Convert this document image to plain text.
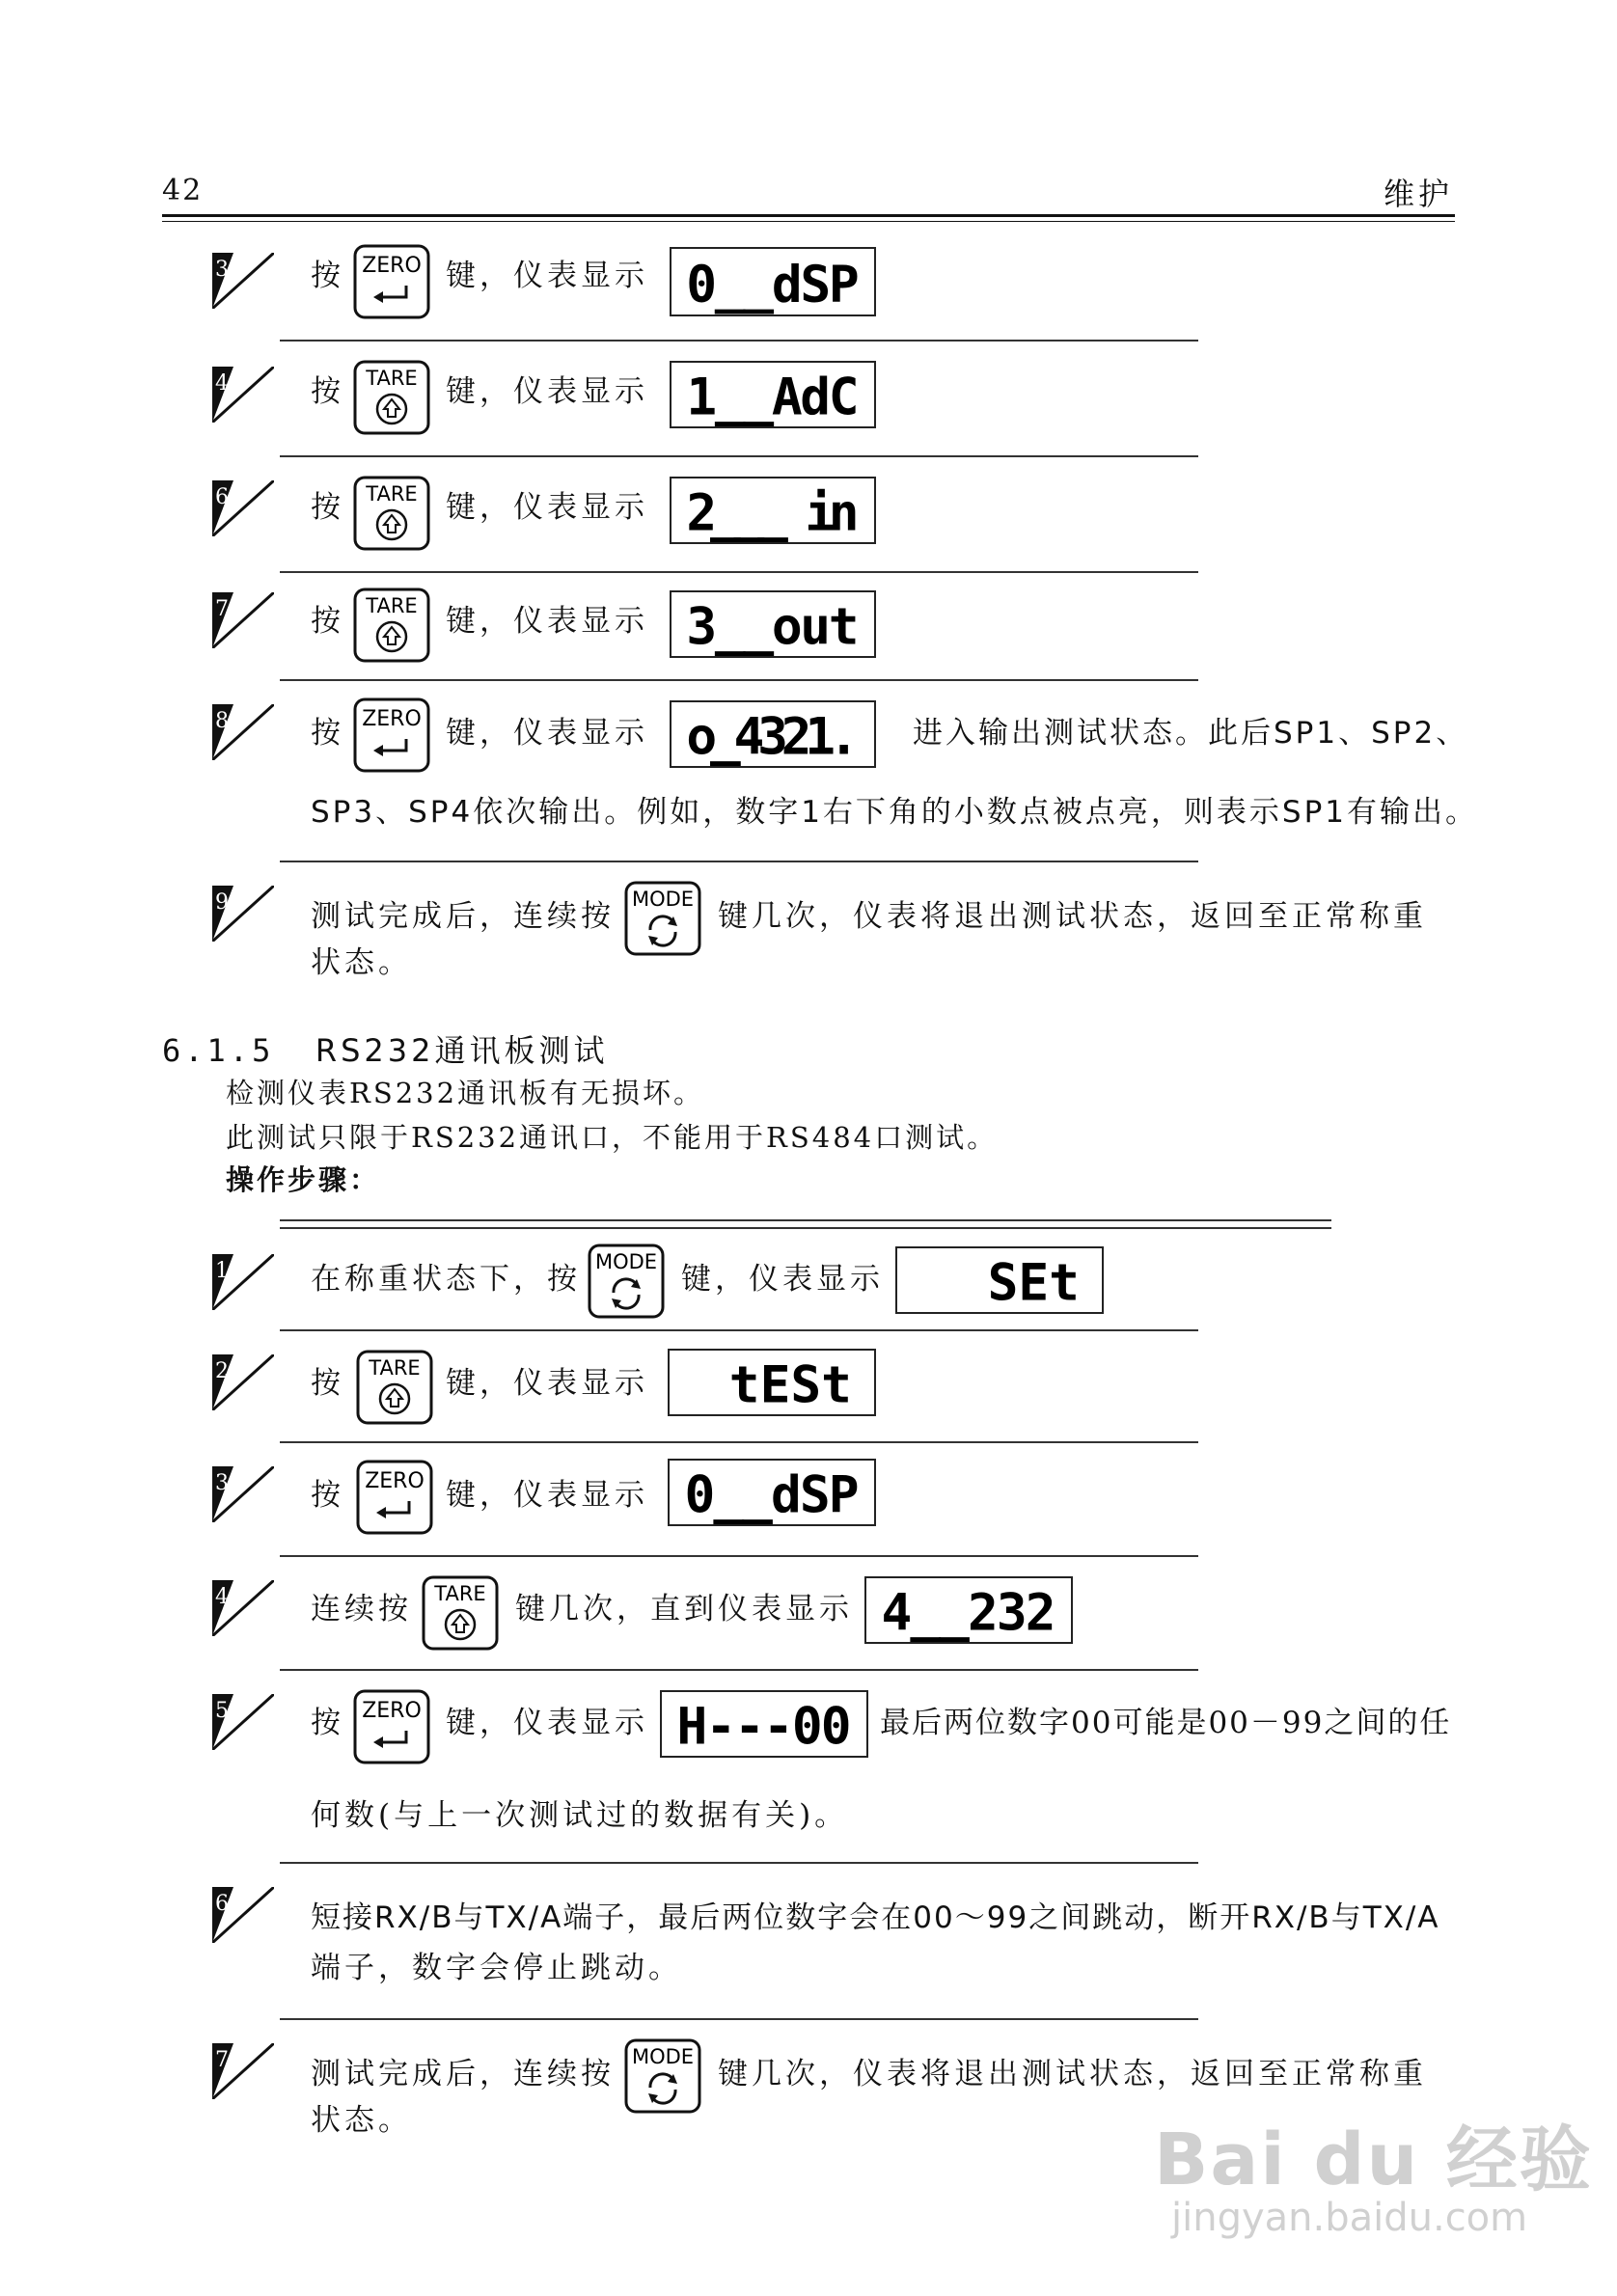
42	维护
3	按 ZERO 键，仪表显示 0__dSP
4	按 TARE 键，仪表显示 1__AdC
6	按 TARE 键，仪表显示 2___ in
7	按 TARE 键，仪表显示 3__out
8	按 ZERO 键，仪表显示 o_4321. 进入输出测试状态。此后SP1、SP2、
SP3、SP4依次输出。例如，数字1右下角的小数点被点亮，则表示SP1有输出。
9	测试完成后，连续按 MODE 键几次，仪表将退出测试状态，返回至正常称重
状态。
6.1.5 RS232通讯板测试
检测仪表RS232通讯板有无损坏。
此测试只限于RS232通讯口，不能用于RS484口测试。
操作步骤：
1	在称重状态下，按 MODE 键，仪表显示 SEt
2	按 TARE 键，仪表显示 tESt
3	按 ZERO 键，仪表显示 0__dSP
4	连续按 TARE 键几次，直到仪表显示 4__232
5	按 ZERO 键，仪表显示 H---00 最后两位数字00可能是00－99之间的任
何数(与上一次测试过的数据有关)。
6	短接RX/B与TX/A端子，最后两位数字会在00～99之间跳动，断开RX/B与TX/A
端子，数字会停止跳动。
7	测试完成后，连续按 MODE 键几次，仪表将退出测试状态，返回至正常称重
状态。	Bai du 经验
jingyan.baidu.com
